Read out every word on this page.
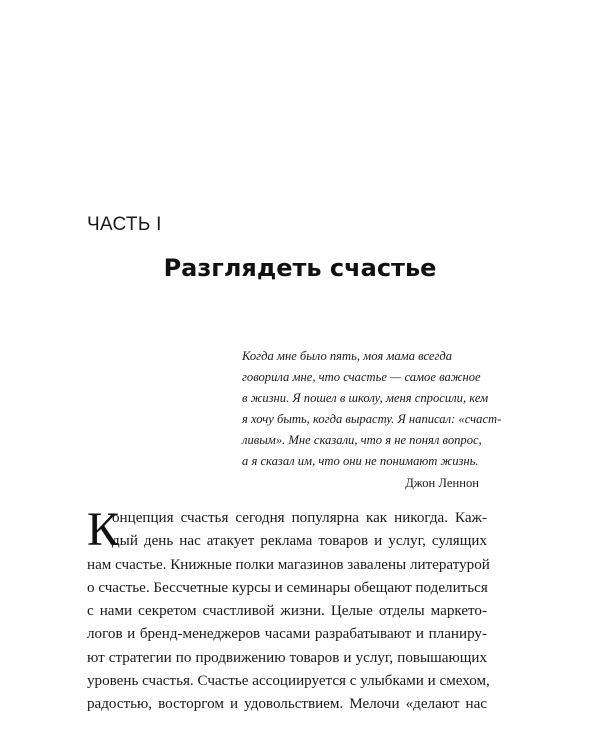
ЧАСТЬ I
Разглядеть счастье
Когда мне было пять, моя мама всегда
говорила мне, что счастье — самое важное
в жизни. Я пошел в школу, меня спросили, кем
я хочу быть, когда вырасту. Я написал: «счаст-
ливым». Мне сказали, что я не понял вопрос,
а я сказал им, что они не понимают жизнь.
Джон Леннон
К
онцепция счастья сегодня популярна как никогда. Каж-
дый день нас атакует реклама товаров и услуг, сулящих
нам счастье. Книжные полки магазинов завалены литературой
о счастье. Бессчетные курсы и семинары обещают поделиться
с нами секретом счастливой жизни. Целые отделы маркето-
логов и бренд-менеджеров часами разрабатывают и планиру-
ют стратегии по продвижению товаров и услуг, повышающих
уровень счастья. Счастье ассоциируется с улыбками и смехом,
радостью, восторгом и удовольствием. Мелочи «делают нас
